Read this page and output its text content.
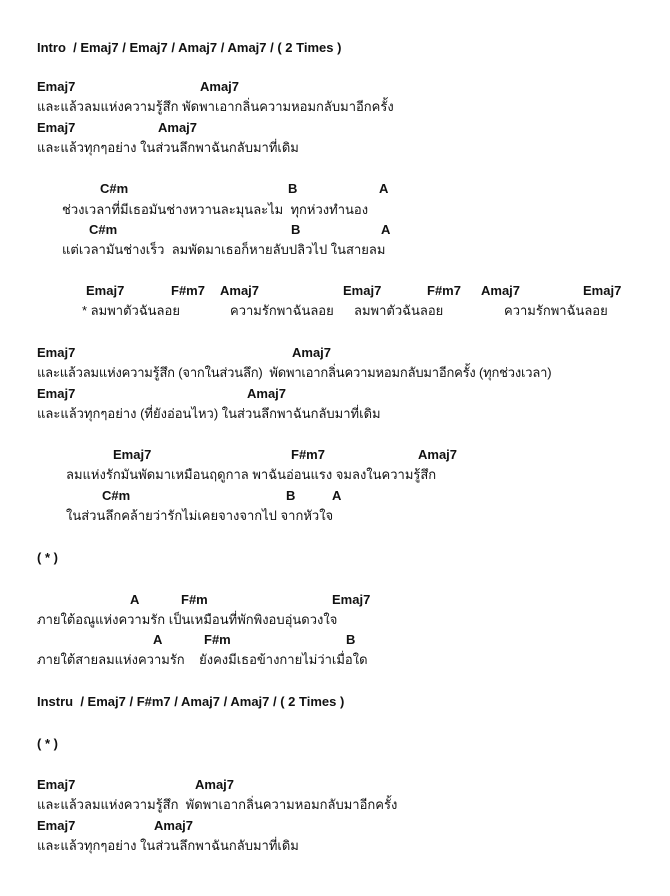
Intro  / Emaj7 / Emaj7 / Amaj7 / Amaj7 / ( 2 Times )
Emaj7	Amaj7
และแล้วลมแห่งความรู้สึก พัดพาเอากลิ่นความหอมกลับมาอีกครั้ง
Emaj7	Amaj7
และแล้วทุกๆอย่าง ในส่วนลึกพาฉันกลับมาที่เดิม
C#m	B	A
ช่วงเวลาที่มีเธอมันช่างหวานละมุนละไม  ทุกห่วงทำนอง
C#m	B	A
แต่เวลามันช่างเร็ว  ลมพัดมาเธอก็หายลับปลิวไป ในสายลม
Emaj7	F#m7 Amaj7	Emaj7	F#m7 Amaj7	Emaj7
* ลมพาตัวฉันลอย	ความรักพาฉันลอย ลมพาตัวฉันลอย	ความรักพาฉันลอย
Emaj7	Amaj7
และแล้วลมแห่งความรู้สึก (จากในส่วนลึก)  พัดพาเอากลิ่นความหอมกลับมาอีกครั้ง (ทุกช่วงเวลา)
Emaj7	Amaj7
และแล้วทุกๆอย่าง (ที่ยังอ่อนไหว) ในส่วนลึกพาฉันกลับมาที่เดิม
Emaj7	F#m7	Amaj7
ลมแห่งรักมันพัดมาเหมือนฤดูกาล พาฉันอ่อนแรง จมลงในความรู้สึก
C#m	B	A
ในส่วนลึกคล้ายว่ารักไม่เคยจางจากไป จากหัวใจ
( * )
A	F#m	Emaj7
ภายใต้อณูแห่งความรัก เป็นเหมือนที่พักพิงอบอุ่นดวงใจ
A	F#m	B
ภายใต้สายลมแห่งความรัก    ยังคงมีเธอข้างกายไม่ว่าเมื่อใด
Instru  / Emaj7 / F#m7 / Amaj7 / Amaj7 / ( 2 Times )
( * )
Emaj7	Amaj7
และแล้วลมแห่งความรู้สึก  พัดพาเอากลิ่นความหอมกลับมาอีกครั้ง
Emaj7	Amaj7
และแล้วทุกๆอย่าง ในส่วนลึกพาฉันกลับมาที่เดิม
